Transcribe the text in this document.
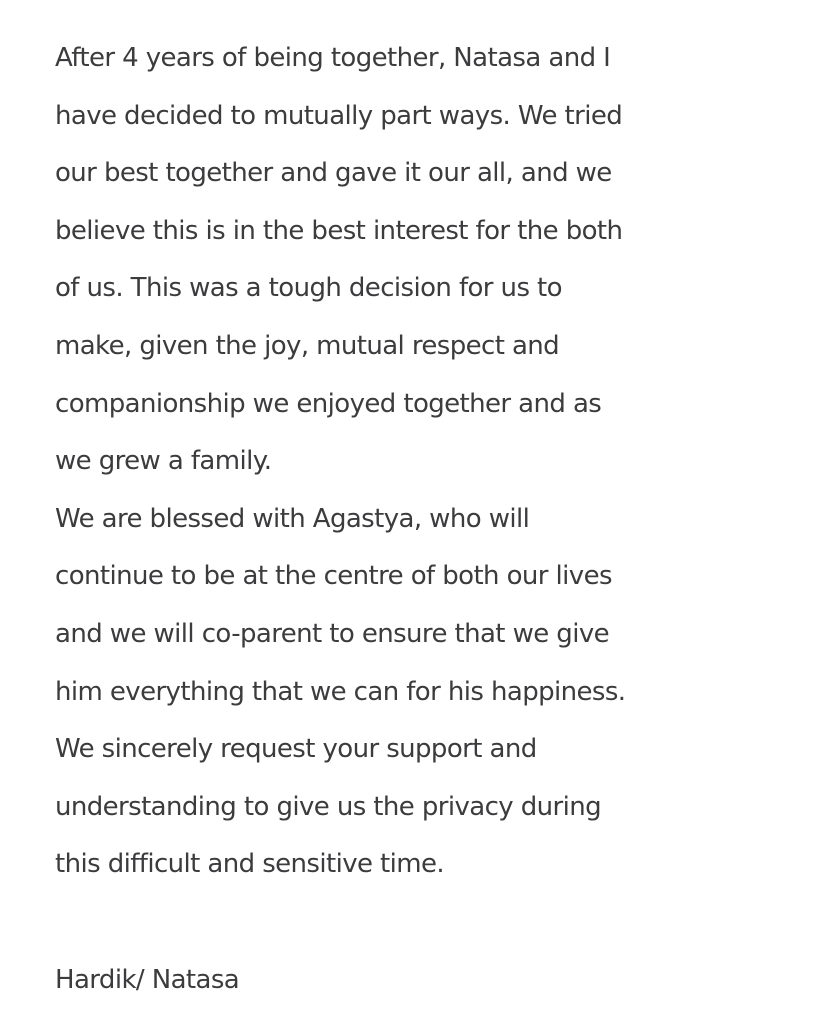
After 4 years of being together, Natasa and I
have decided to mutually part ways. We tried
our best together and gave it our all, and we
believe this is in the best interest for the both
of us. This was a tough decision for us to
make, given the joy, mutual respect and
companionship we enjoyed together and as
we grew a family.
We are blessed with Agastya, who will
continue to be at the centre of both our lives
and we will co-parent to ensure that we give
him everything that we can for his happiness.
We sincerely request your support and
understanding to give us the privacy during
this difficult and sensitive time.
Hardik/ Natasa
